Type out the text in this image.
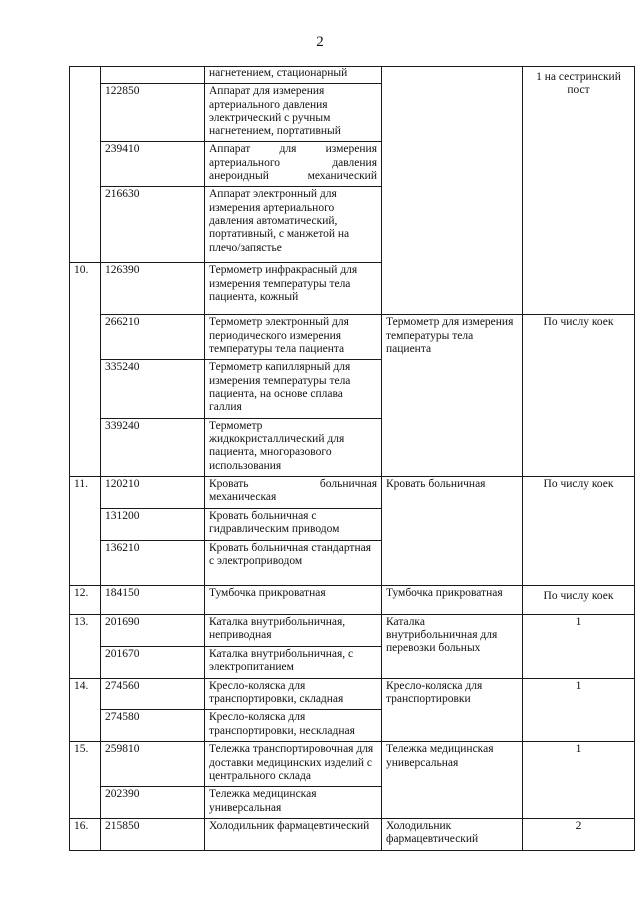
2
		нагнетением, стационарный		1 на сестринский пост
	122850	Аппарат для измерения артериального давления электрический с ручным нагнетением, портативный		
	239410	Аппарат для измерения артериального давления анероидный механический		
	216630	Аппарат электронный для измерения артериального давления автоматический, портативный, с манжетой на плечо/запястье		
10.	126390	Термометр инфракрасный для измерения температуры тела пациента, кожный		
	266210	Термометр электронный для периодического измерения температуры тела пациента	Термометр для измерения температуры тела пациента	По числу коек
	335240	Термометр капиллярный для измерения температуры тела пациента, на основе сплава галлия		
	339240	Термометр жидкокристаллический для пациента, многоразового использования		
11.	120210	Кровать больничная механическая	Кровать больничная	По числу коек
	131200	Кровать больничная с гидравлическим приводом		
	136210	Кровать больничная стандартная с электроприводом		
12.	184150	Тумбочка прикроватная	Тумбочка прикроватная	По числу коек
13.	201690	Каталка внутрибольничная, неприводная	Каталка внутрибольничная для перевозки больных	1
	201670	Каталка внутрибольничная, с электропитанием		
14.	274560	Кресло-коляска для транспортировки, складная	Кресло-коляска для транспортировки	1
	274580	Кресло-коляска для транспортировки, нескладная		
15.	259810	Тележка транспортировочная для доставки медицинских изделий с центрального склада	Тележка медицинская универсальная	1
	202390	Тележка медицинская универсальная		
16.	215850	Холодильник фармацевтический	Холодильник фармацевтический	2
